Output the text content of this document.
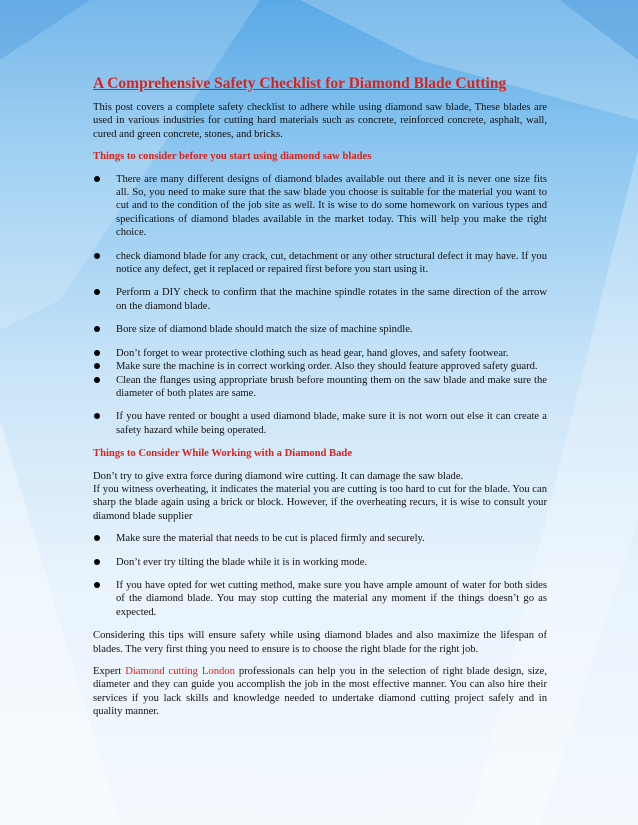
A Comprehensive Safety Checklist for Diamond Blade Cutting

This post covers a complete safety checklist to adhere while using diamond saw blade, These blades are used in various industries for cutting hard materials such as concrete, reinforced concrete, asphalt, wall, cured and green concrete, stones, and bricks.

Things to consider before you start using diamond saw blades
There are many different designs of diamond blades available out there and it is never one size fits all. So, you need to make sure that the saw blade you choose is suitable for the material you want to cut and to the condition of the job site as well. It is wise to do some homework on various types and specifications of diamond blades available in the market today. This will help you make the right choice.
check diamond blade for any crack, cut, detachment or any other structural defect it may have. If you notice any defect, get it replaced or repaired first before you start using it.
Perform a DIY check to confirm that the machine spindle rotates in the same direction of the arrow on the diamond blade.
Bore size of diamond blade should match the size of machine spindle.
Don’t forget to wear protective clothing such as head gear, hand gloves, and safety footwear.
Make sure the machine is in correct working order. Also they should feature approved safety guard.
Clean the flanges using appropriate brush before mounting them on the saw blade and make sure the diameter of both plates are same.
If you have rented or bought a used diamond blade, make sure it is not worn out else it can create a safety hazard while being operated.
Things to Consider While Working with a Diamond Bade

Don’t try to give extra force during diamond wire cutting. It can damage the saw blade.

If you witness overheating, it indicates the material you are cutting is too hard to cut for the blade. You can sharp the blade again using a brick or block. However, if the overheating recurs, it is wise to consult your diamond blade supplier

Make sure the material that needs to be cut is placed firmly and securely.
Don’t ever try tilting the blade while it is in working mode.
If you have opted for wet cutting method, make sure you have ample amount of water for both sides of the diamond blade. You may stop cutting the material any moment if the things doesn’t go as expected.

Considering this tips will ensure safety while using diamond blades and also maximize the lifespan of blades. The very first thing you need to ensure is to choose the right blade for the right job.

Expert Diamond cutting London professionals can help you in the selection of right blade design, size, diameter and they can guide you accomplish the job in the most effective manner. You can also hire their services if you lack skills and knowledge needed to undertake diamond cutting project safely and in quality manner.
